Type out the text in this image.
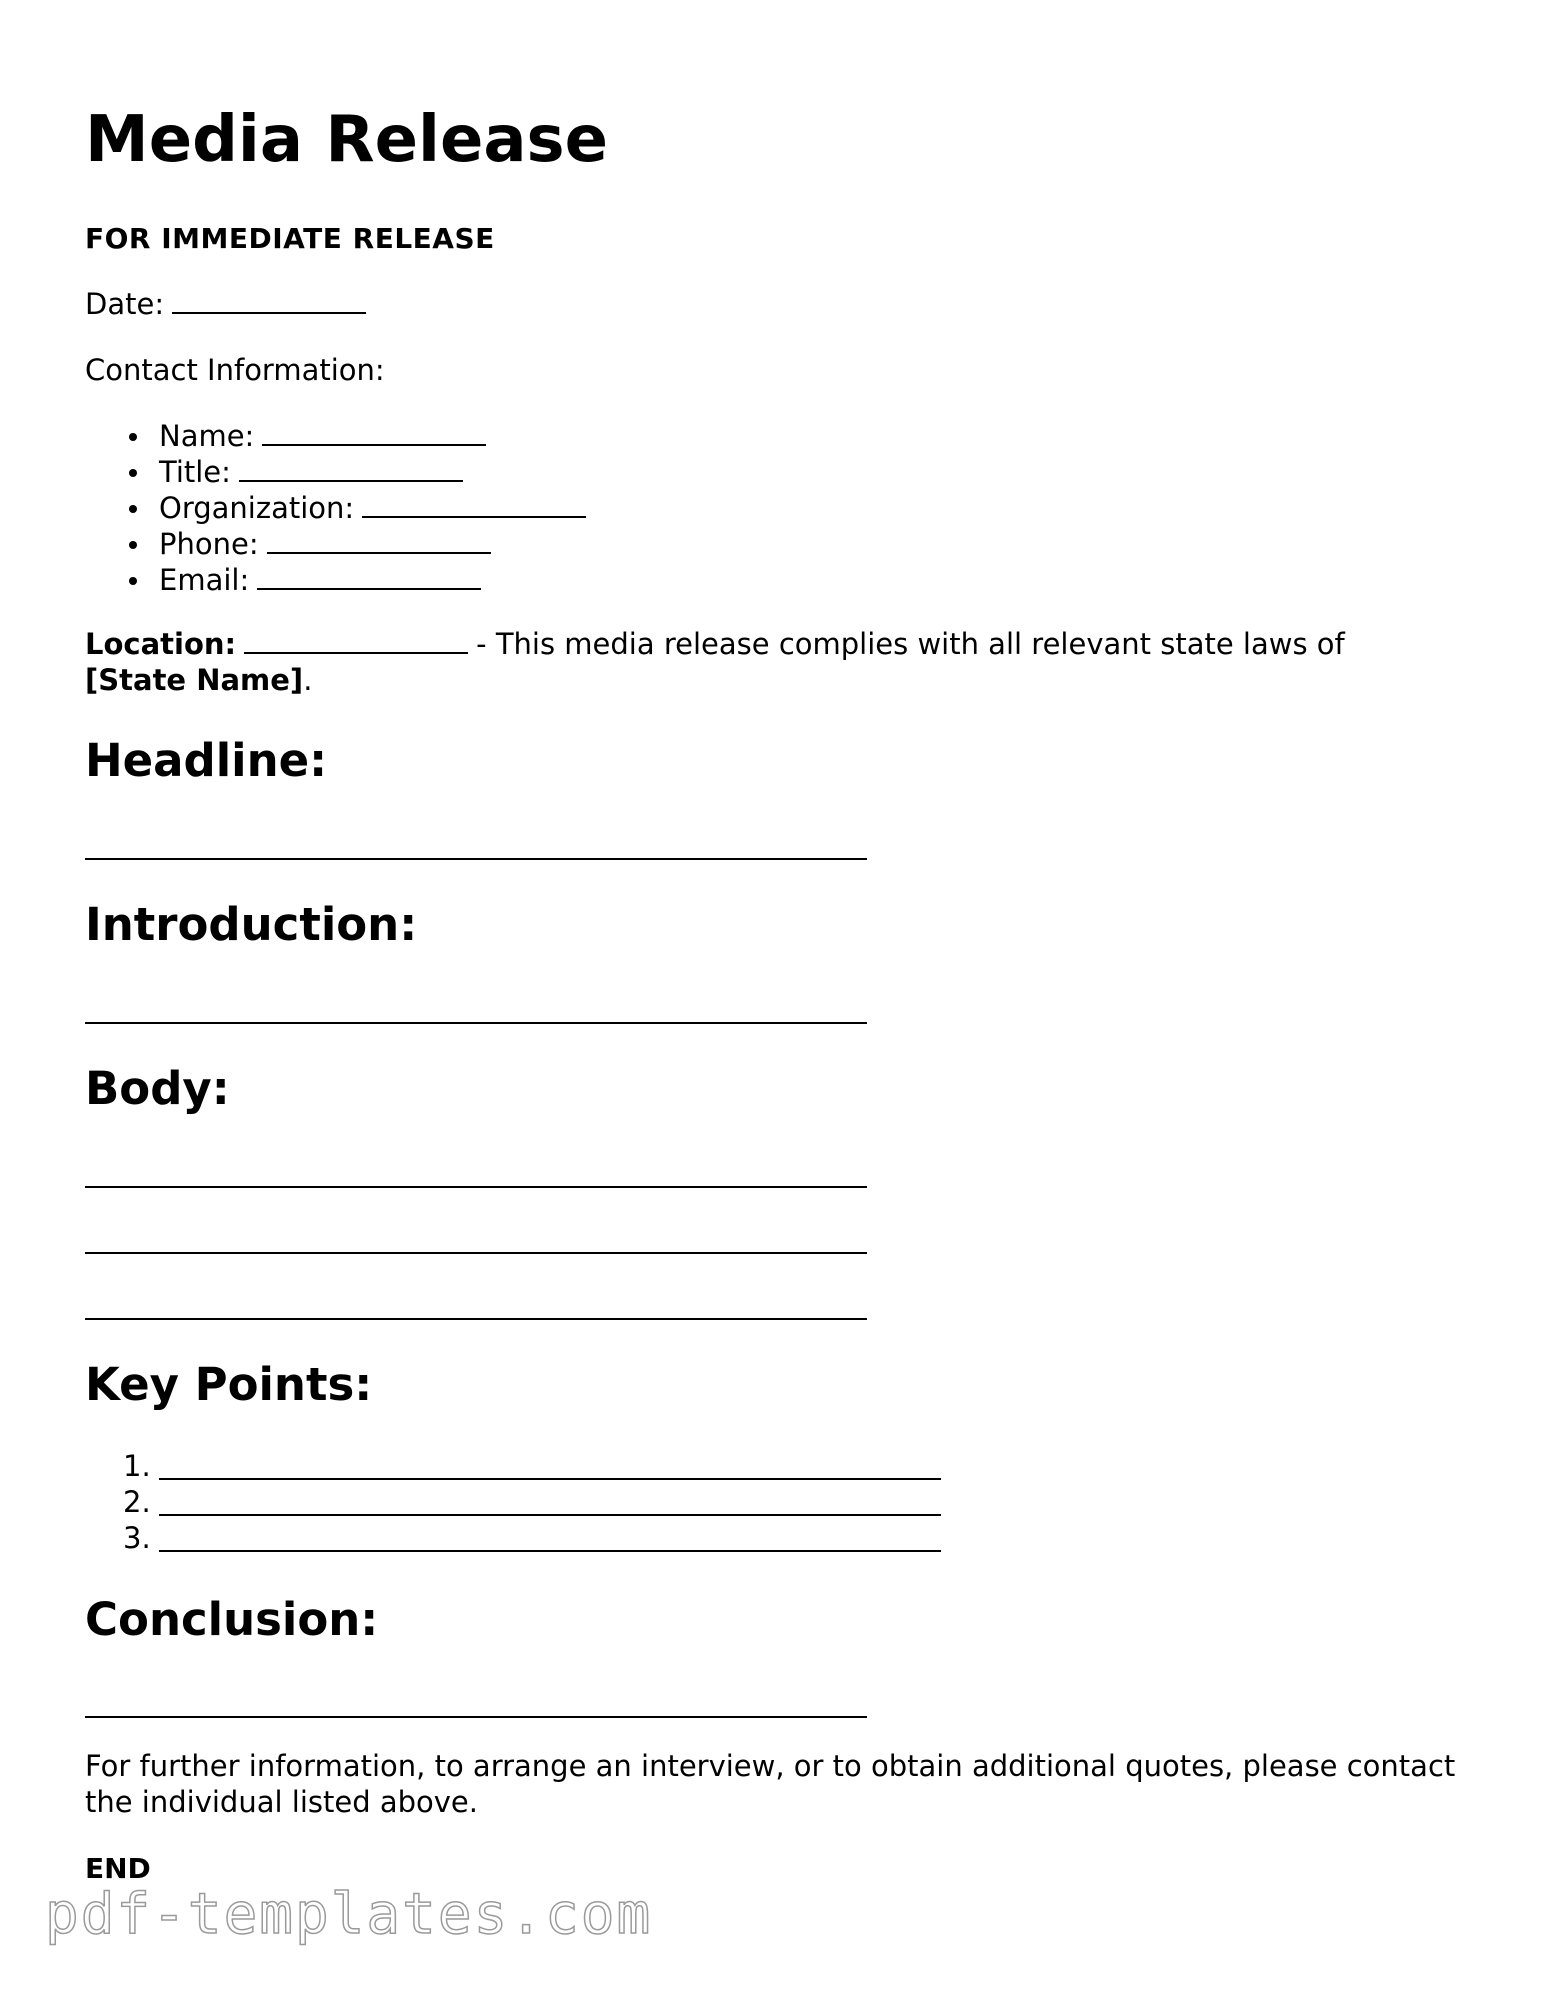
Media Release
FOR IMMEDIATE RELEASE
Date:
Contact Information:
Name:
Title:
Organization:
Phone:
Email:
Location:	- This media release complies with all relevant state laws of
[State Name].
Headline:
Introduction:
Body:
Key Points:
1.
2.
3.
Conclusion:
For further information, to arrange an interview, or to obtain additional quotes, please contact the individual listed above.
END
pdf-templates.com
